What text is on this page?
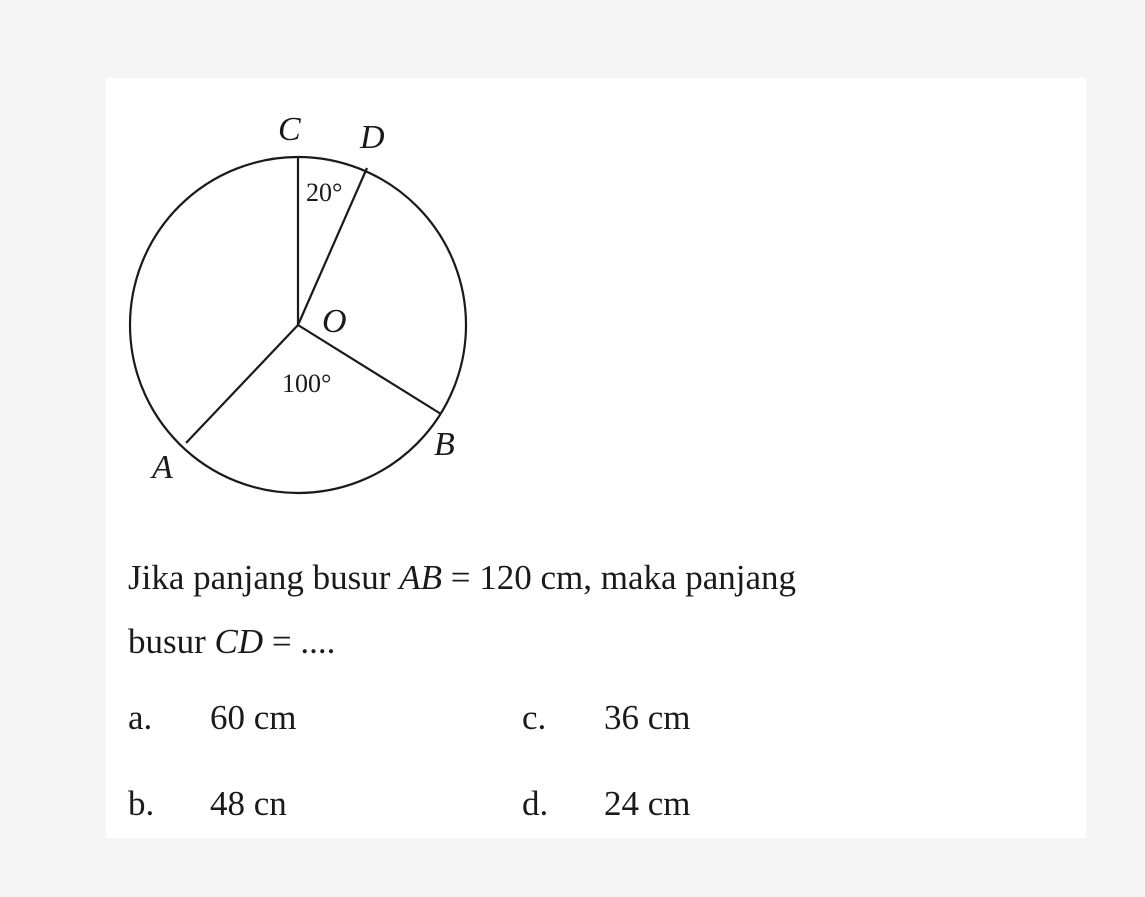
C D
O
A
B
20°
100°

Jika panjang busur AB = 120 cm, maka panjang
busur CD = ....

a. 60 cm
b. 48 cn
c. 36 cm
d. 24 cm
